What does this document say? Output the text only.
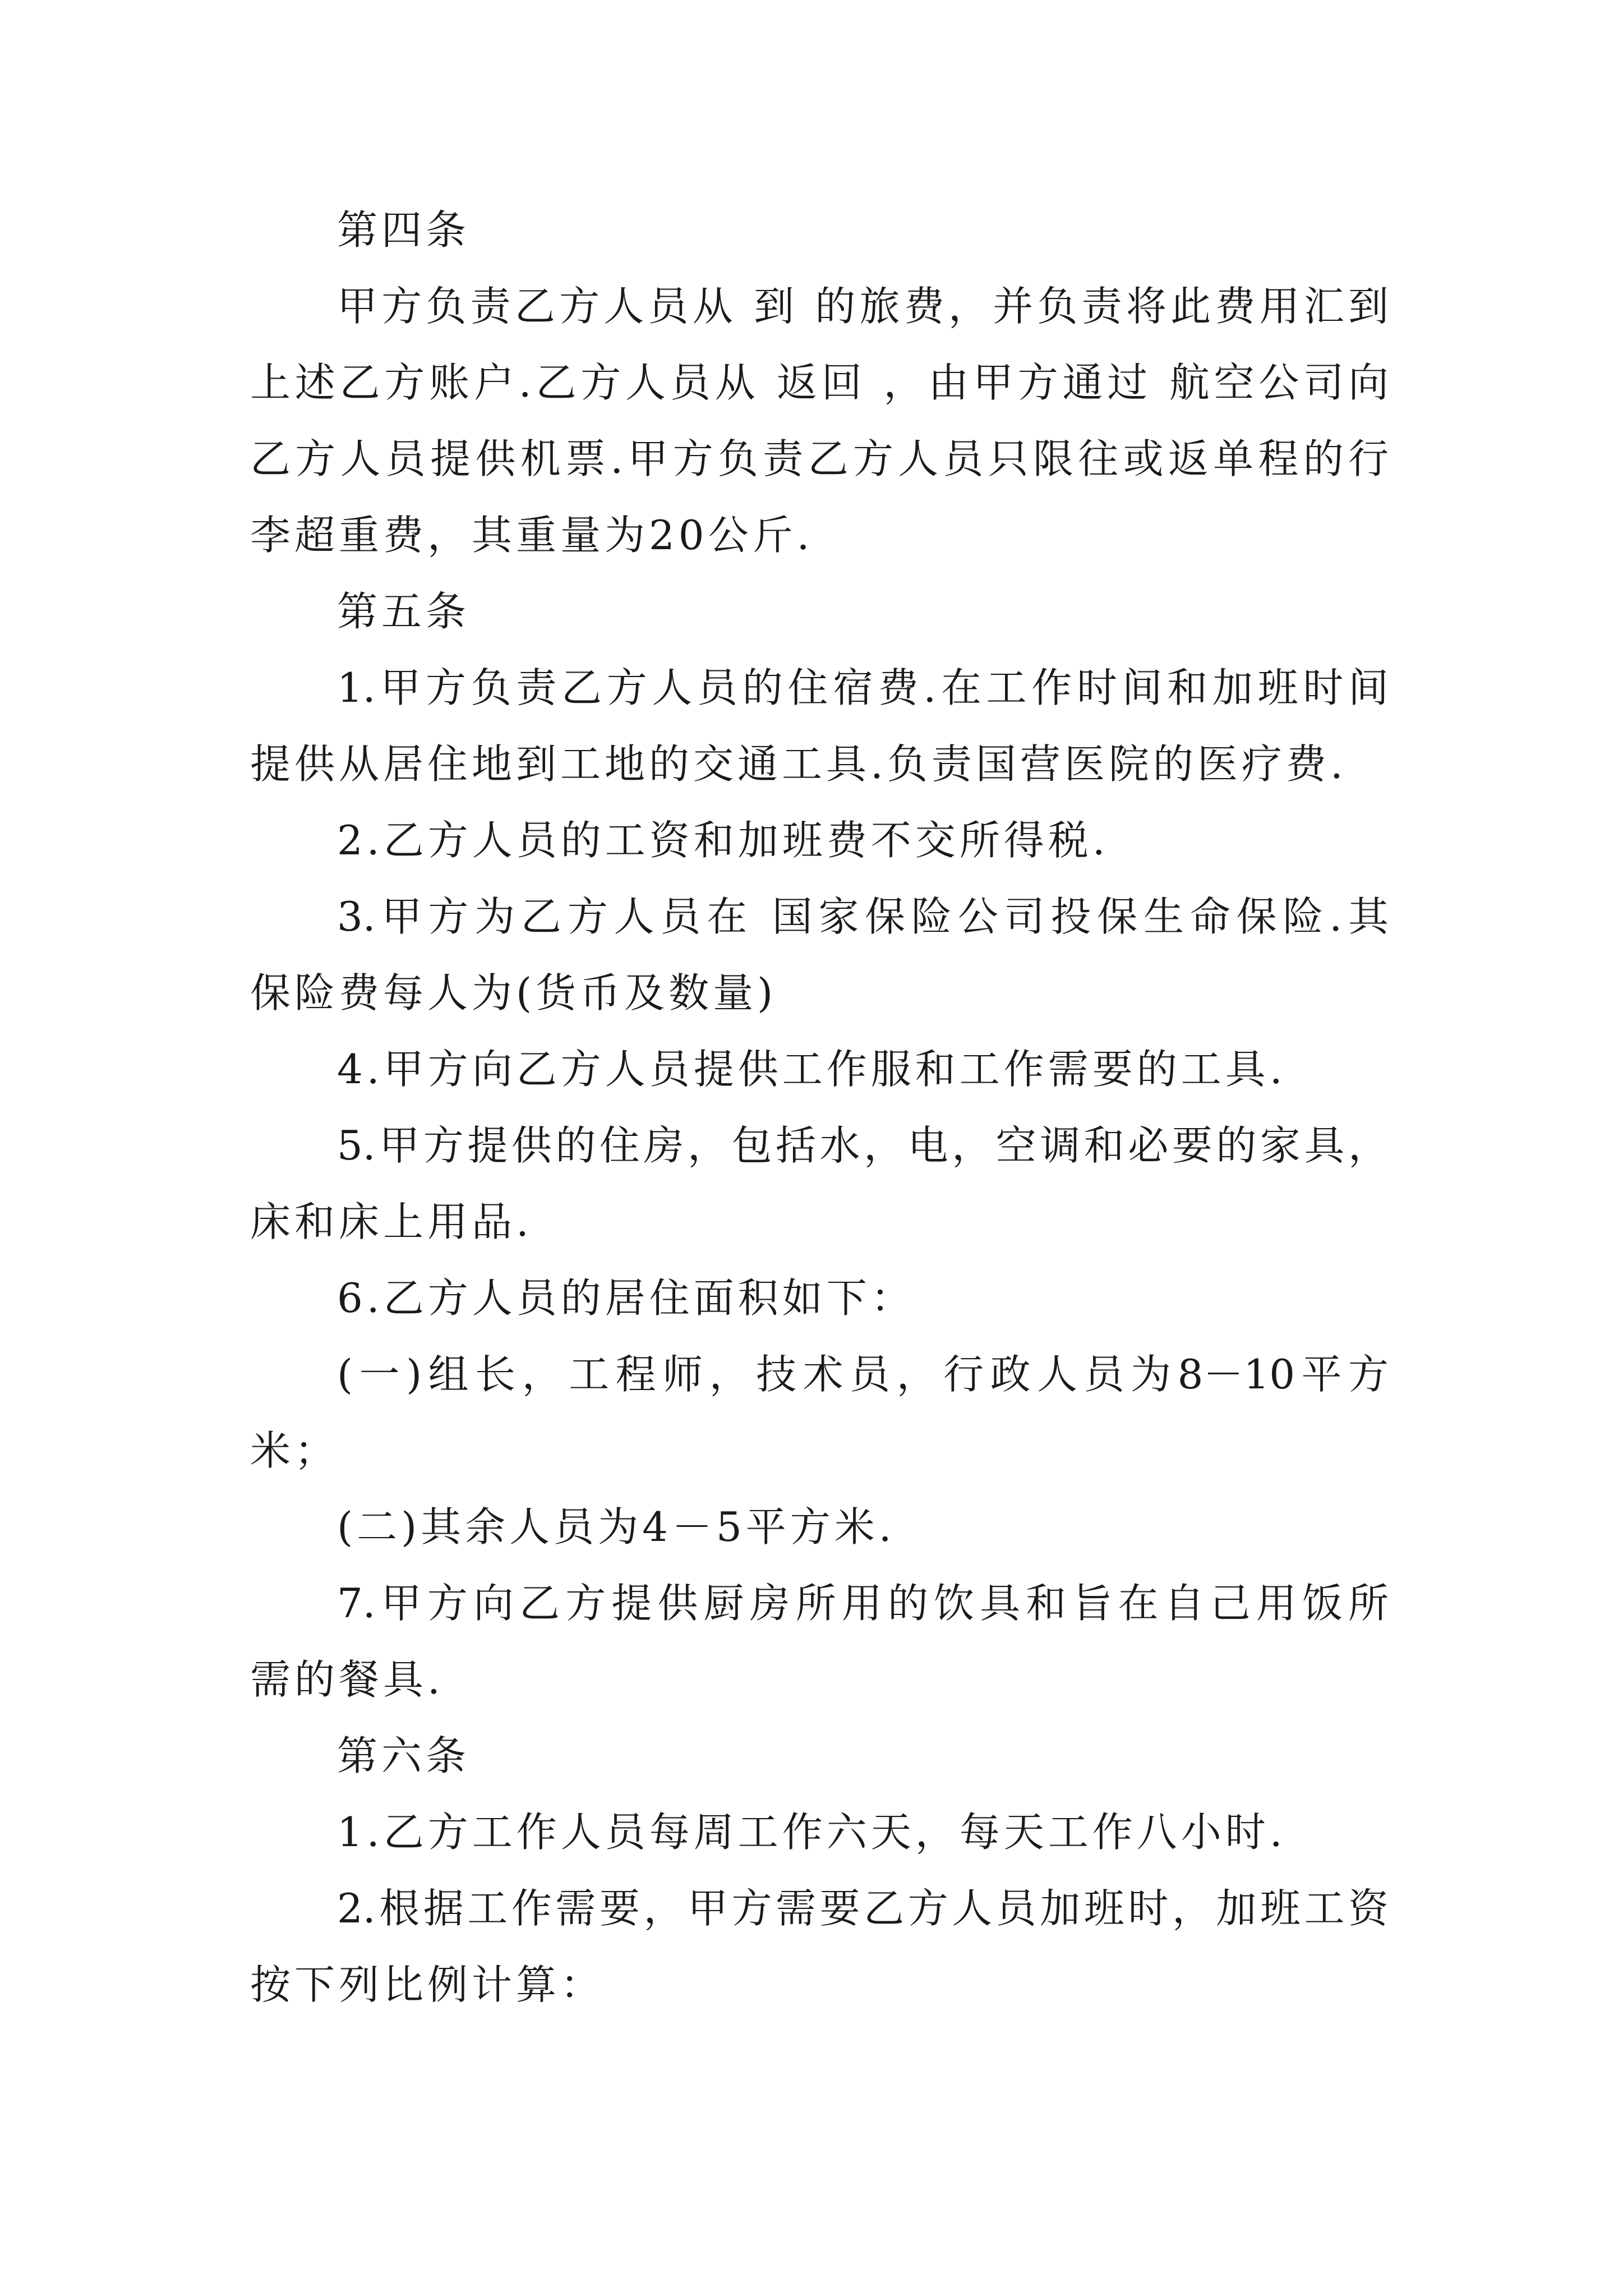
第四条
甲方负责乙方人员从 到 的旅费，并负责将此费用汇到
上述乙方账户.乙方人员从 返回 ，由甲方通过 航空公司向
乙方人员提供机票.甲方负责乙方人员只限往或返单程的行
李超重费，其重量为20公斤.
第五条
1.甲方负责乙方人员的住宿费.在工作时间和加班时间
提供从居住地到工地的交通工具.负责国营医院的医疗费.
2.乙方人员的工资和加班费不交所得税.
3.甲方为乙方人员在 国家保险公司投保生命保险.其
保险费每人为(货币及数量)
4.甲方向乙方人员提供工作服和工作需要的工具.
5.甲方提供的住房，包括水，电，空调和必要的家具，
床和床上用品.
6.乙方人员的居住面积如下：
(一)组长，工程师，技术员，行政人员为8－10平方
米；
(二)其余人员为4－5平方米.
7.甲方向乙方提供厨房所用的饮具和旨在自己用饭所
需的餐具.
第六条
1.乙方工作人员每周工作六天，每天工作八小时.
2.根据工作需要，甲方需要乙方人员加班时，加班工资
按下列比例计算：
